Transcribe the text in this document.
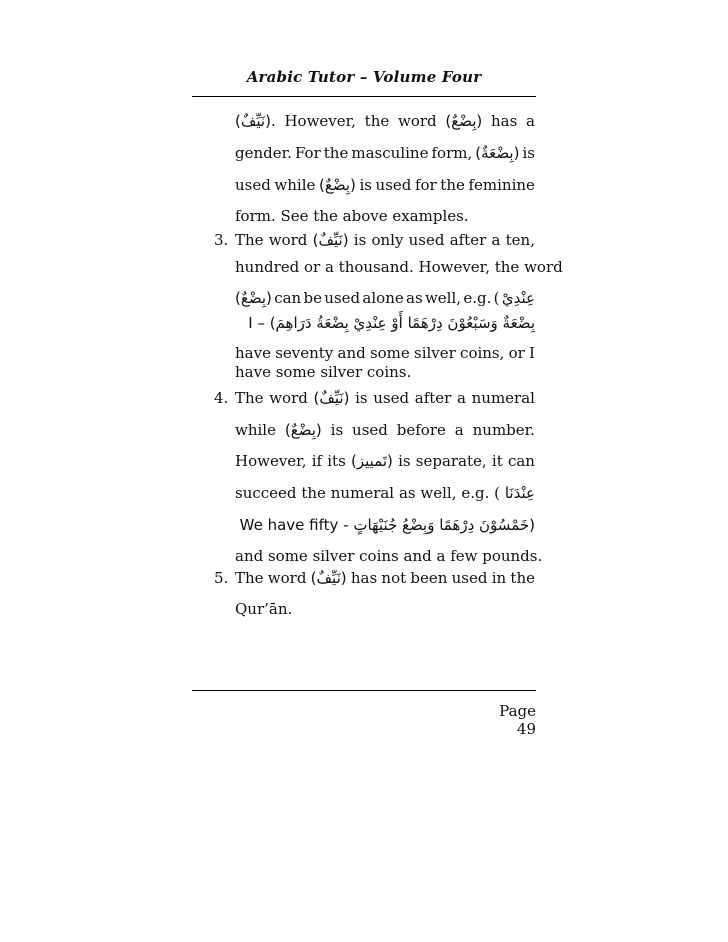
Arabic Tutor – Volume Four
(نَيِّفٌ). However, the word (بِضْعٌ) has a
gender. For the masculine form, (بِضْعَةٌ) is
used while (بِضْعٌ) is used for the feminine
form. See the above examples.
3. The word (نَيِّفٌ) is only used after a ten,
hundred or a thousand. However, the word
(بِضْعٌ) can be used alone as well, e.g. ( عِنْدِيْ
بِضْعَةٌ وَسَبْعُوْنَ دِرْهَمًا أَوْ عِنْدِيْ بِضْعَةُ دَرَاهِمَ) – I
have seventy and some silver coins, or I
have some silver coins.
4. The word (نَيِّفٌ) is used after a numeral
while (بِضْعٌ) is used before a number.
However, if its (تَمييز) is separate, it can
succeed the numeral as well, e.g. ( عِنْدَنَا
(خَمْسُوْنَ دِرْهَمًا وَبِضْعُ جُنَيْهَاتٍ - We have fifty
and some silver coins and a few pounds.
5. The word (نَيِّفٌ) has not been used in the
Qur’ān.
Page 49
